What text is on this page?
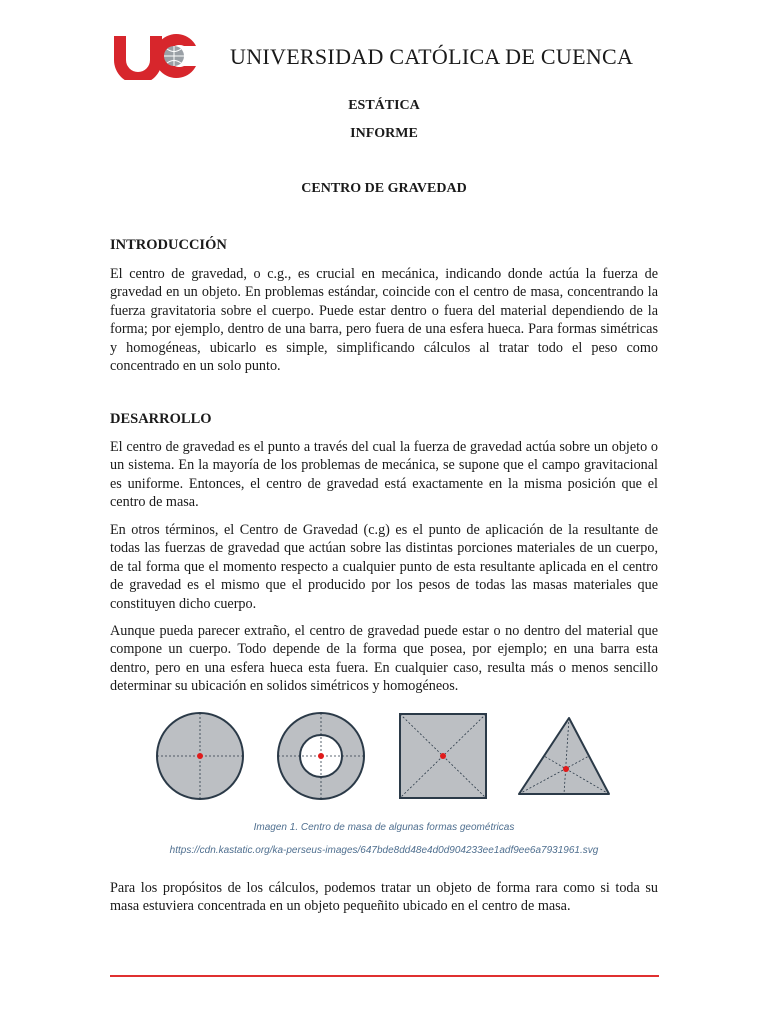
UNIVERSIDAD CATÓLICA DE CUENCA
ESTÁTICA
INFORME
CENTRO DE GRAVEDAD
INTRODUCCIÓN

El centro de gravedad, o c.g., es crucial en mecánica, indicando donde actúa la fuerza de gravedad en un objeto. En problemas estándar, coincide con el centro de masa, concentrando la fuerza gravitatoria sobre el cuerpo. Puede estar dentro o fuera del material dependiendo de la forma; por ejemplo, dentro de una barra, pero fuera de una esfera hueca. Para formas simétricas y homogéneas, ubicarlo es simple, simplificando cálculos al tratar todo el peso como concentrado en un solo punto.

DESARROLLO

El centro de gravedad es el punto a través del cual la fuerza de gravedad actúa sobre un objeto o un sistema. En la mayoría de los problemas de mecánica, se supone que el campo gravitacional es uniforme. Entonces, el centro de gravedad está exactamente en la misma posición que el centro de masa.

En otros términos, el Centro de Gravedad (c.g) es el punto de aplicación de la resultante de todas las fuerzas de gravedad que actúan sobre las distintas porciones materiales de un cuerpo, de tal forma que el momento respecto a cualquier punto de esta resultante aplicada en el centro de gravedad es el mismo que el producido por los pesos de todas las masas materiales que constituyen dicho cuerpo.

Aunque pueda parecer extraño, el centro de gravedad puede estar o no dentro del material que compone un cuerpo. Todo depende de la forma que posea, por ejemplo; en una barra esta dentro, pero en una esfera hueca esta fuera. En cualquier caso, resulta más o menos sencillo determinar su ubicación en solidos simétricos y homogéneos.

Imagen 1. Centro de masa de algunas formas geométricas
https://cdn.kastatic.org/ka-perseus-images/647bde8dd48e4d0d904233ee1adf9ee6a7931961.svg

Para los propósitos de los cálculos, podemos tratar un objeto de forma rara como si toda su masa estuviera concentrada en un objeto pequeñito ubicado en el centro de masa.
